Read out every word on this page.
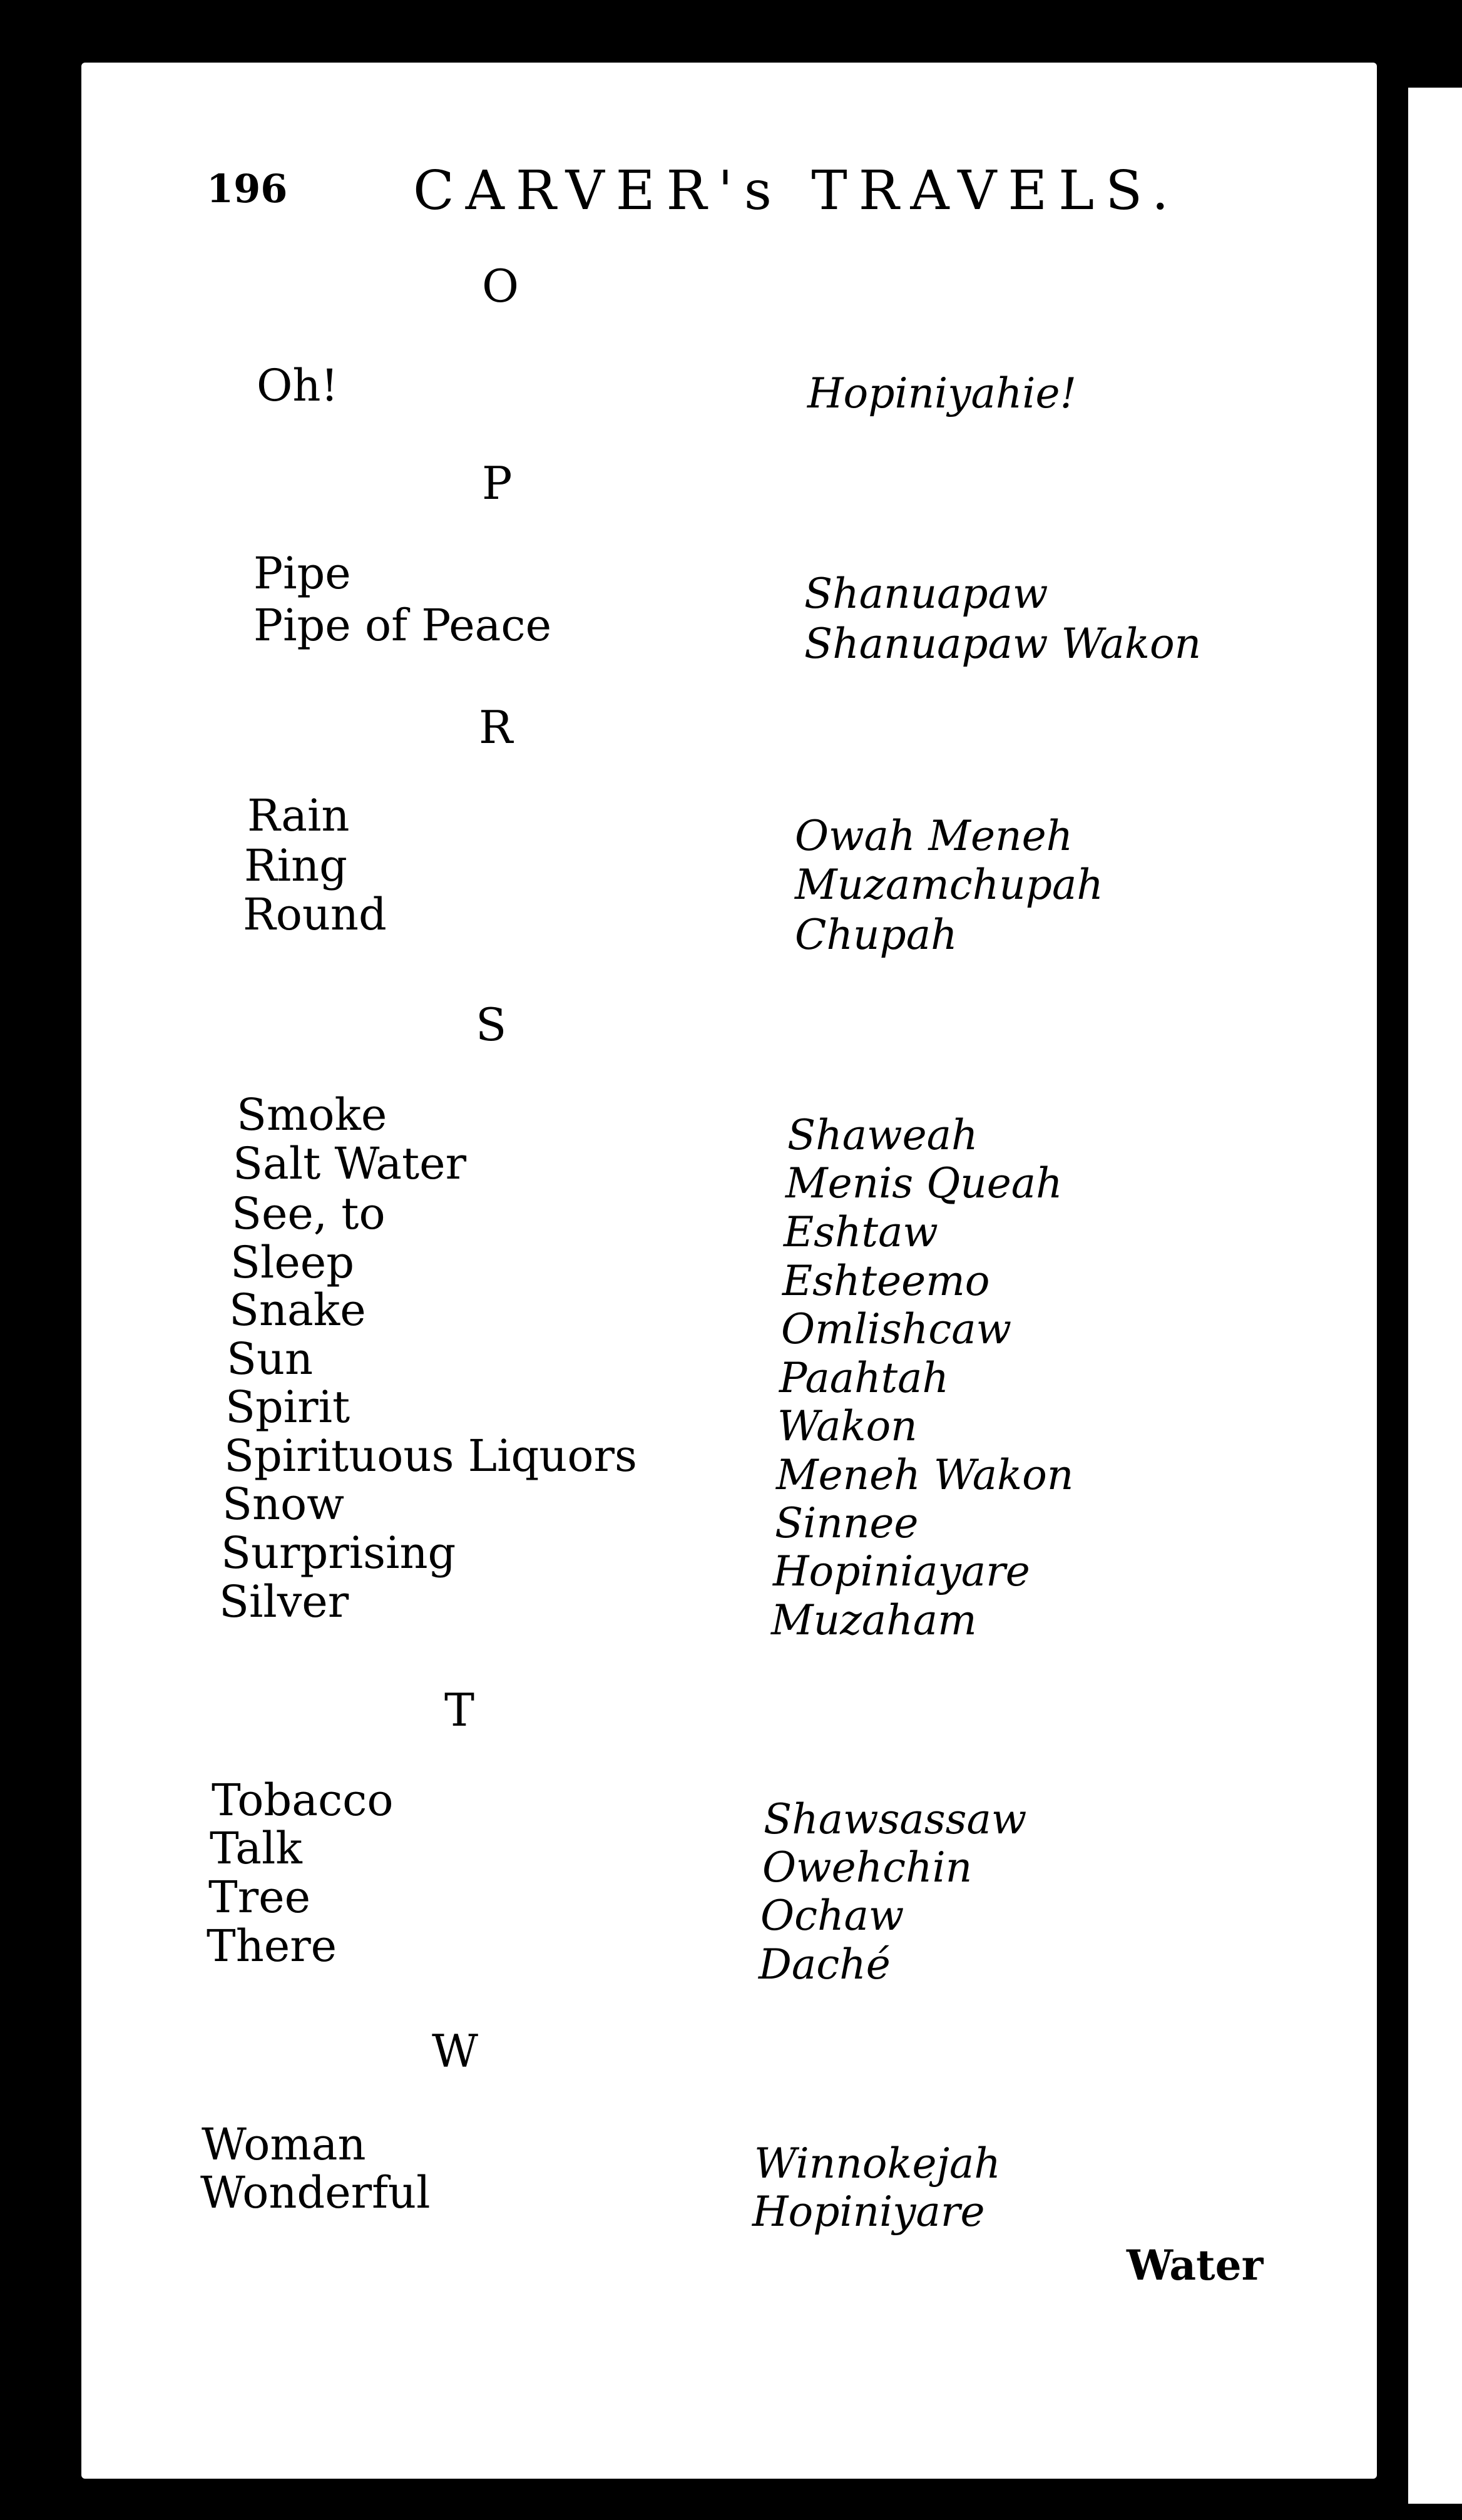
196 CARVER's TRAVELS.
O
Oh!	Hopiniyahie!
P
Pipe	Shanuapaw
Pipe of Peace	Shanuapaw Wakon
R
Rain	Owah Meneh
Ring	Muzamchupah
Round	Chupah
S
Smoke	Shaweah
Salt Water	Menis Queah
See, to	Eshtaw
Sleep	Eshteemo
Snake	Omlishcaw
Sun	Paahtah
Spirit	Wakon
Spirituous Liquors	Meneh Wakon
Snow	Sinnee
Surprising	Hopiniayare
Silver	Muzaham
T
Tobacco	Shawsassaw
Talk	Owehchin
Tree	Ochaw
There	Daché
W
Woman	Winnokejah
Wonderful	Hopiniyare
Water
